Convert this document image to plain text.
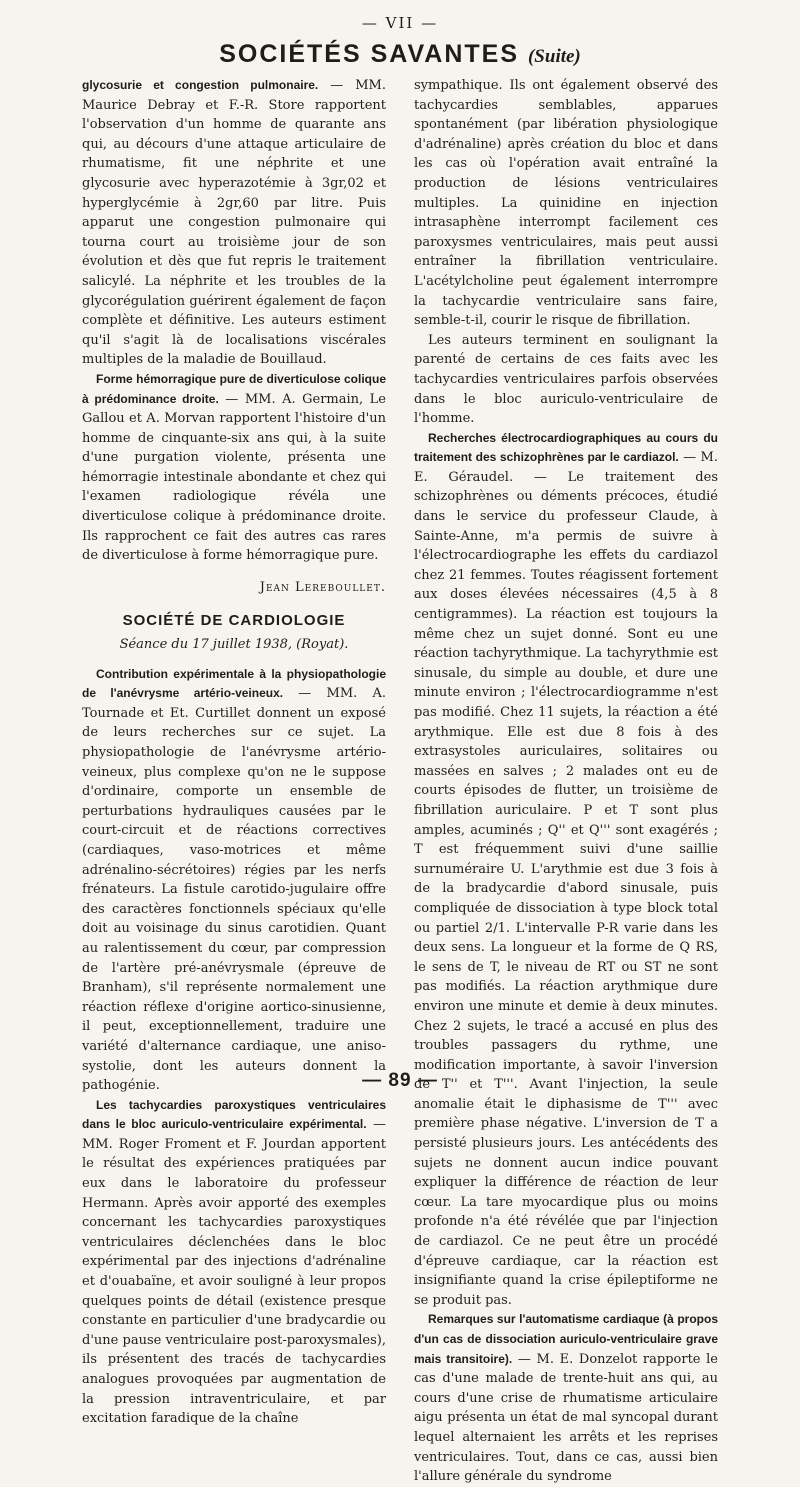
— VII —
SOCIÉTÉS SAVANTES (Suite)

glycosurie et congestion pulmonaire. — MM. Maurice Debray et F.-R. Store rapportent l'observation d'un homme de quarante ans qui, au décours d'une attaque articulaire de rhumatisme, fit une néphrite et une glycosurie avec hyperazotémie à 3gr,02 et hyperglycémie à 2gr,60 par litre. Puis apparut une congestion pulmonaire qui tourna court au troisième jour de son évolution et dès que fut repris le traitement salicylé. La néphrite et les troubles de la glycorégulation guérirent également de façon complète et définitive. Les auteurs estiment qu'il s'agit là de localisations viscérales multiples de la maladie de Bouillaud.

Forme hémorragique pure de diverticulose colique à prédominance droite. — MM. A. Germain, Le Gallou et A. Morvan rapportent l'histoire d'un homme de cinquante-six ans qui, à la suite d'une purgation violente, présenta une hémorragie intestinale abondante et chez qui l'examen radiologique révéla une diverticulose colique à prédominance droite. Ils rapprochent ce fait des autres cas rares de diverticulose à forme hémorragique pure.

Jean Lereboullet.
SOCIÉTÉ DE CARDIOLOGIE
Séance du 17 juillet 1938, (Royat).

Contribution expérimentale à la physiopathologie de l'anévrysme artério-veineux. — MM. A. Tournade et Et. Curtillet donnent un exposé de leurs recherches sur ce sujet. La physiopathologie de l'anévrysme artério-veineux, plus complexe qu'on ne le suppose d'ordinaire, comporte un ensemble de perturbations hydrauliques causées par le court-circuit et de réactions correctives (cardiaques, vaso-motrices et même adrénalino-sécrétoires) régies par les nerfs frénateurs. La fistule carotido-jugulaire offre des caractères fonctionnels spéciaux qu'elle doit au voisinage du sinus carotidien. Quant au ralentissement du cœur, par compression de l'artère pré-anévrysmale (épreuve de Branham), s'il représente normalement une réaction réflexe d'origine aortico-sinusienne, il peut, exceptionnellement, traduire une variété d'alternance cardiaque, une aniso-systolie, dont les auteurs donnent la pathogénie.

Les tachycardies paroxystiques ventriculaires dans le bloc auriculo-ventriculaire expérimental. — MM. Roger Froment et F. Jourdan apportent le résultat des expériences pratiquées par eux dans le laboratoire du professeur Hermann. Après avoir apporté des exemples concernant les tachycardies paroxystiques ventriculaires déclenchées dans le bloc expérimental par des injections d'adrénaline et d'ouabaïne, et avoir souligné à leur propos quelques points de détail (existence presque constante en particulier d'une bradycardie ou d'une pause ventriculaire post-paroxysmales), ils présentent des tracés de tachycardies analogues provoquées par augmentation de la pression intraventriculaire, et par excitation faradique de la chaîne

sympathique. Ils ont également observé des tachycardies semblables, apparues spontanément (par libération physiologique d'adrénaline) après création du bloc et dans les cas où l'opération avait entraîné la production de lésions ventriculaires multiples. La quinidine en injection intrasaphène interrompt facilement ces paroxysmes ventriculaires, mais peut aussi entraîner la fibrillation ventriculaire. L'acétylcholine peut également interrompre la tachycardie ventriculaire sans faire, semble-t-il, courir le risque de fibrillation.

Les auteurs terminent en soulignant la parenté de certains de ces faits avec les tachycardies ventriculaires parfois observées dans le bloc auriculo-ventriculaire de l'homme.

Recherches électrocardiographiques au cours du traitement des schizophrènes par le cardiazol. — M. E. Géraudel. — Le traitement des schizophrènes ou déments précoces, étudié dans le service du professeur Claude, à Sainte-Anne, m'a permis de suivre à l'électrocardiographe les effets du cardiazol chez 21 femmes. Toutes réagissent fortement aux doses élevées nécessaires (4,5 à 8 centigrammes). La réaction est toujours la même chez un sujet donné. Sont eu une réaction tachyrythmique. La tachyrythmie est sinusale, du simple au double, et dure une minute environ ; l'électrocardiogramme n'est pas modifié. Chez 11 sujets, la réaction a été arythmique. Elle est due 8 fois à des extrasystoles auriculaires, solitaires ou massées en salves ; 2 malades ont eu de courts épisodes de flutter, un troisième de fibrillation auriculaire. P et T sont plus amples, acuminés ; Q'' et Q''' sont exagérés ; T est fréquemment suivi d'une saillie surnuméraire U. L'arythmie est due 3 fois à de la bradycardie d'abord sinusale, puis compliquée de dissociation à type block total ou partiel 2/1. L'intervalle P-R varie dans les deux sens. La longueur et la forme de Q RS, le sens de T, le niveau de RT ou ST ne sont pas modifiés. La réaction arythmique dure environ une minute et demie à deux minutes. Chez 2 sujets, le tracé a accusé en plus des troubles passagers du rythme, une modification importante, à savoir l'inversion de T'' et T'''. Avant l'injection, la seule anomalie était le diphasisme de T''' avec première phase négative. L'inversion de T a persisté plusieurs jours. Les antécédents des sujets ne donnent aucun indice pouvant expliquer la différence de réaction de leur cœur. La tare myocardique plus ou moins profonde n'a été révélée que par l'injection de cardiazol. Ce ne peut être un procédé d'épreuve cardiaque, car la réaction est insignifiante quand la crise épileptiforme ne se produit pas.

Remarques sur l'automatisme cardiaque (à propos d'un cas de dissociation auriculo-ventriculaire grave mais transitoire). — M. E. Donzelot rapporte le cas d'une malade de trente-huit ans qui, au cours d'une crise de rhumatisme articulaire aigu présenta un état de mal syncopal durant lequel alternaient les arrêts et les reprises ventriculaires. Tout, dans ce cas, aussi bien l'allure générale du syndrome

— 89 —
